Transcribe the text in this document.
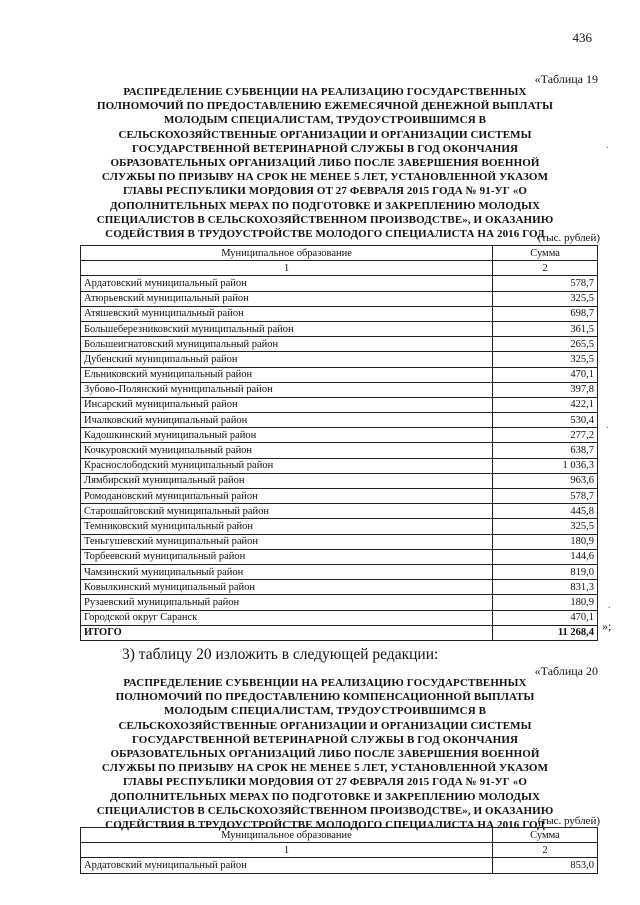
436
«Таблица 19
РАСПРЕДЕЛЕНИЕ СУБВЕНЦИИ НА РЕАЛИЗАЦИЮ ГОСУДАРСТВЕННЫХ
ПОЛНОМОЧИЙ ПО ПРЕДОСТАВЛЕНИЮ ЕЖЕМЕСЯЧНОЙ ДЕНЕЖНОЙ ВЫПЛАТЫ
МОЛОДЫМ СПЕЦИАЛИСТАМ, ТРУДОУСТРОИВШИМСЯ В
СЕЛЬСКОХОЗЯЙСТВЕННЫЕ ОРГАНИЗАЦИИ И ОРГАНИЗАЦИИ СИСТЕМЫ
ГОСУДАРСТВЕННОЙ ВЕТЕРИНАРНОЙ СЛУЖБЫ В ГОД ОКОНЧАНИЯ
ОБРАЗОВАТЕЛЬНЫХ ОРГАНИЗАЦИЙ ЛИБО ПОСЛЕ ЗАВЕРШЕНИЯ ВОЕННОЙ
СЛУЖБЫ ПО ПРИЗЫВУ НА СРОК НЕ МЕНЕЕ 5 ЛЕТ, УСТАНОВЛЕННОЙ УКАЗОМ
ГЛАВЫ РЕСПУБЛИКИ МОРДОВИЯ ОТ 27 ФЕВРАЛЯ 2015 ГОДА № 91-УГ «О
ДОПОЛНИТЕЛЬНЫХ МЕРАХ ПО ПОДГОТОВКЕ И ЗАКРЕПЛЕНИЮ МОЛОДЫХ
СПЕЦИАЛИСТОВ В СЕЛЬСКОХОЗЯЙСТВЕННОМ ПРОИЗВОДСТВЕ», И ОКАЗАНИЮ
СОДЕЙСТВИЯ В ТРУДОУСТРОЙСТВЕ МОЛОДОГО СПЕЦИАЛИСТА НА 2016 ГОД
(тыс. рублей)
Муниципальное образование	Сумма
1	2
Ардатовский муниципальный район	578,7
Атюрьевский муниципальный район	325,5
Атяшевский муниципальный район	698,7
Большеберезниковский муниципальный район	361,5
Большеигнатовский муниципальный район	265,5
Дубенский муниципальный район	325,5
Ельниковский муниципальный район	470,1
Зубово-Полянский муниципальный район	397,8
Инсарский муниципальный район	422,1
Ичалковский муниципальный район	530,4
Кадошкинский муниципальный район	277,2
Кочкуровский муниципальный район	638,7
Краснослободский муниципальный район	1 036,3
Лямбирский муниципальный район	963,6
Ромодановский муниципальный район	578,7
Старошайговский муниципальный район	445,8
Темниковский муниципальный район	325,5
Теньгушевский муниципальный район	180,9
Торбеевский муниципальный район	144,6
Чамзинский муниципальный район	819,0
Ковылкинский муниципальный район	831,3
Рузаевский муниципальный район	180,9
Городской округ Саранск	470,1
ИТОГО	11 268,4 »;
3) таблицу 20 изложить в следующей редакции:
«Таблица 20
РАСПРЕДЕЛЕНИЕ СУБВЕНЦИИ НА РЕАЛИЗАЦИЮ ГОСУДАРСТВЕННЫХ
ПОЛНОМОЧИЙ ПО ПРЕДОСТАВЛЕНИЮ КОМПЕНСАЦИОННОЙ ВЫПЛАТЫ
МОЛОДЫМ СПЕЦИАЛИСТАМ, ТРУДОУСТРОИВШИМСЯ В
СЕЛЬСКОХОЗЯЙСТВЕННЫЕ ОРГАНИЗАЦИИ И ОРГАНИЗАЦИИ СИСТЕМЫ
ГОСУДАРСТВЕННОЙ ВЕТЕРИНАРНОЙ СЛУЖБЫ В ГОД ОКОНЧАНИЯ
ОБРАЗОВАТЕЛЬНЫХ ОРГАНИЗАЦИЙ ЛИБО ПОСЛЕ ЗАВЕРШЕНИЯ ВОЕННОЙ
СЛУЖБЫ ПО ПРИЗЫВУ НА СРОК НЕ МЕНЕЕ 5 ЛЕТ, УСТАНОВЛЕННОЙ УКАЗОМ
ГЛАВЫ РЕСПУБЛИКИ МОРДОВИЯ ОТ 27 ФЕВРАЛЯ 2015 ГОДА № 91-УГ «О
ДОПОЛНИТЕЛЬНЫХ МЕРАХ ПО ПОДГОТОВКЕ И ЗАКРЕПЛЕНИЮ МОЛОДЫХ
СПЕЦИАЛИСТОВ В СЕЛЬСКОХОЗЯЙСТВЕННОМ ПРОИЗВОДСТВЕ», И ОКАЗАНИЮ
СОДЕЙСТВИЯ В ТРУДОУСТРОЙСТВЕ МОЛОДОГО СПЕЦИАЛИСТА НА 2016 ГОД
(тыс. рублей)
Муниципальное образование	Сумма
1	2
Ардатовский муниципальный район	853,0
.
.
.
